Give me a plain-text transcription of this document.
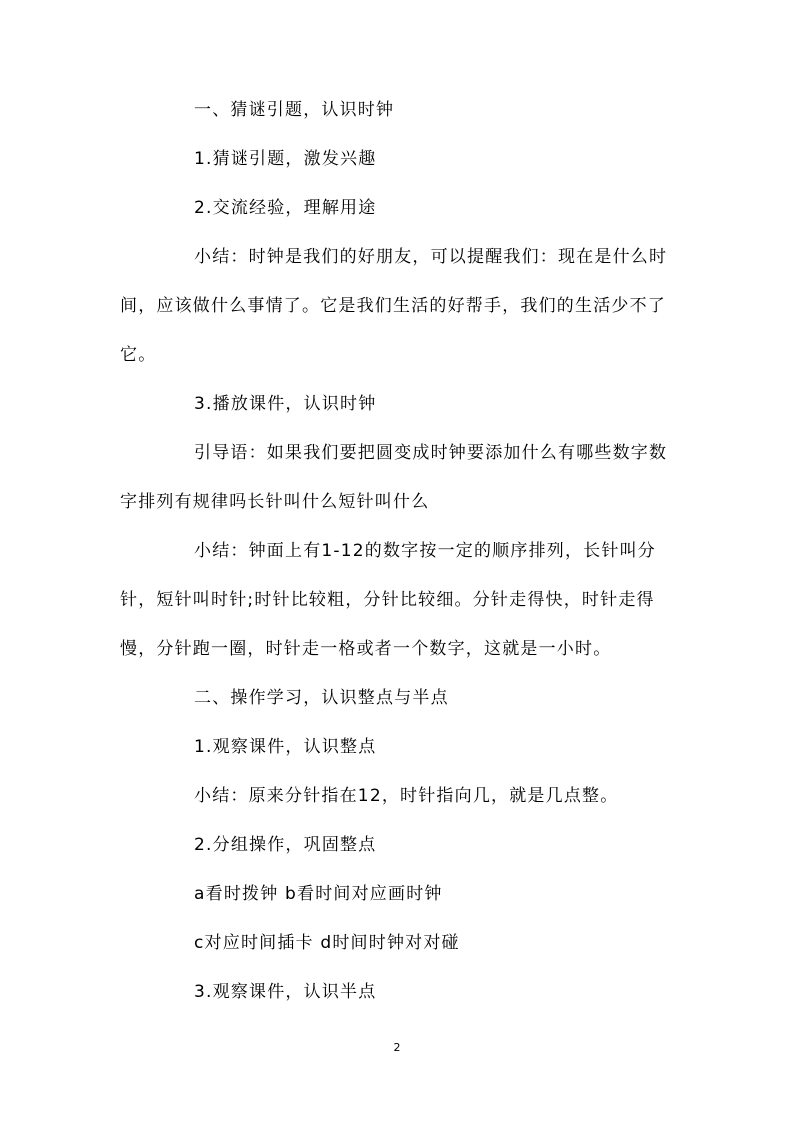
一、猜谜引题，认识时钟

1.猜谜引题，激发兴趣

2.交流经验，理解用途

小结：时钟是我们的好朋友，可以提醒我们：现在是什么时间，应该做什么事情了。它是我们生活的好帮手，我们的生活少不了它。

3.播放课件，认识时钟

引导语：如果我们要把圆变成时钟要添加什么有哪些数字数字排列有规律吗长针叫什么短针叫什么

小结：钟面上有1-12的数字按一定的顺序排列，长针叫分针，短针叫时针;时针比较粗，分针比较细。分针走得快，时针走得慢，分针跑一圈，时针走一格或者一个数字，这就是一小时。

二、操作学习，认识整点与半点

1.观察课件，认识整点

小结：原来分针指在12，时针指向几，就是几点整。

2.分组操作，巩固整点

a看时拨钟 b看时间对应画时钟

c对应时间插卡 d时间时钟对对碰

3.观察课件，认识半点

2
